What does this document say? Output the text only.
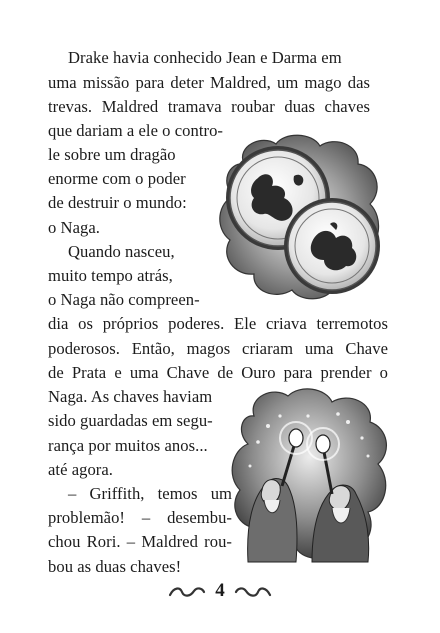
Drake havia conhecido Jean e Darma em
uma missão para deter Maldred, um mago das
trevas. Maldred tramava roubar duas chaves
que dariam a ele o contro-
le sobre um dragão
enorme com o poder
de destruir o mundo:
o Naga.
Quando nasceu,
muito tempo atrás,
o Naga não compreen-
dia os próprios poderes. Ele criava terremotos
poderosos. Então, magos criaram uma Chave
de Prata e uma Chave de Ouro para prender o
Naga. As chaves haviam
sido guardadas em segu-
rança por muitos anos...
até agora.
– Griffith, temos um
problemão! – desembu-
chou Rori. – Maldred rou-
bou as duas chaves!
4
